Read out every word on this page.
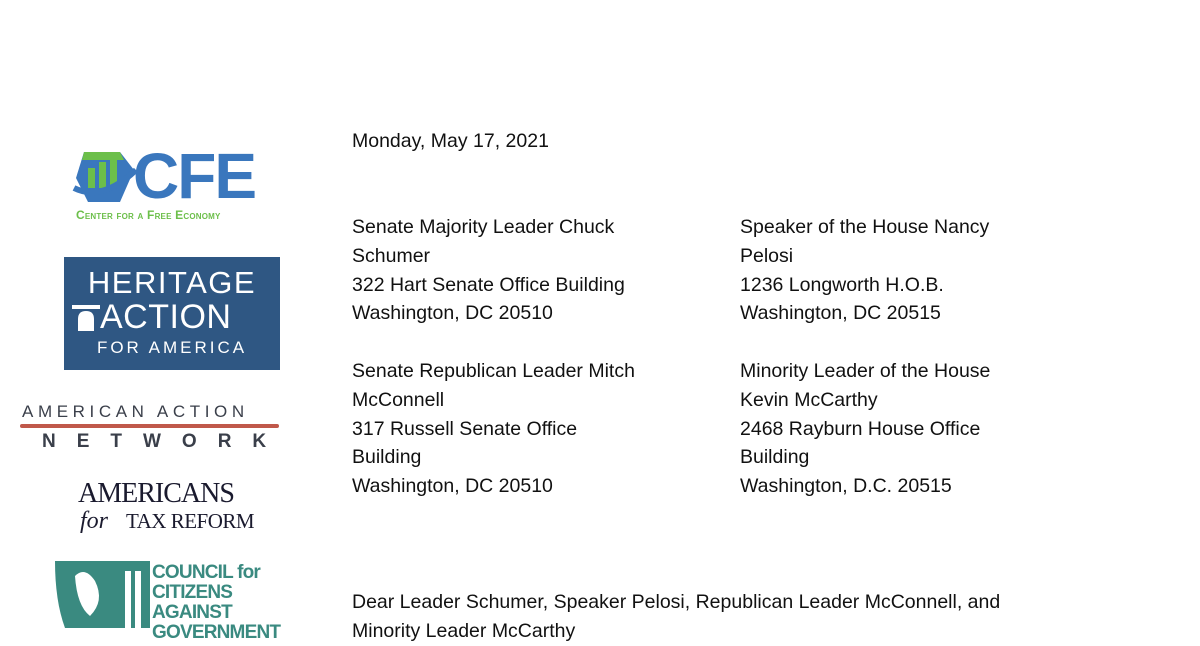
CFE
Center for a Free Economy
HERITAGE
ACTION
FOR AMERICA
AMERICAN ACTION
NETWORK
AMERICANS
for TAX REFORM
COUNCIL for
CITIZENS
AGAINST
GOVERNMENT
Monday, May 17, 2021
Senate Majority Leader Chuck
Schumer
322 Hart Senate Office Building
Washington, DC 20510
Senate Republican Leader Mitch
McConnell
317 Russell Senate Office
Building
Washington, DC 20510
Speaker of the House Nancy
Pelosi
1236 Longworth H.O.B.
Washington, DC 20515
Minority Leader of the House
Kevin McCarthy
2468 Rayburn House Office
Building
Washington, D.C. 20515
Dear Leader Schumer, Speaker Pelosi, Republican Leader McConnell, and
Minority Leader McCarthy
